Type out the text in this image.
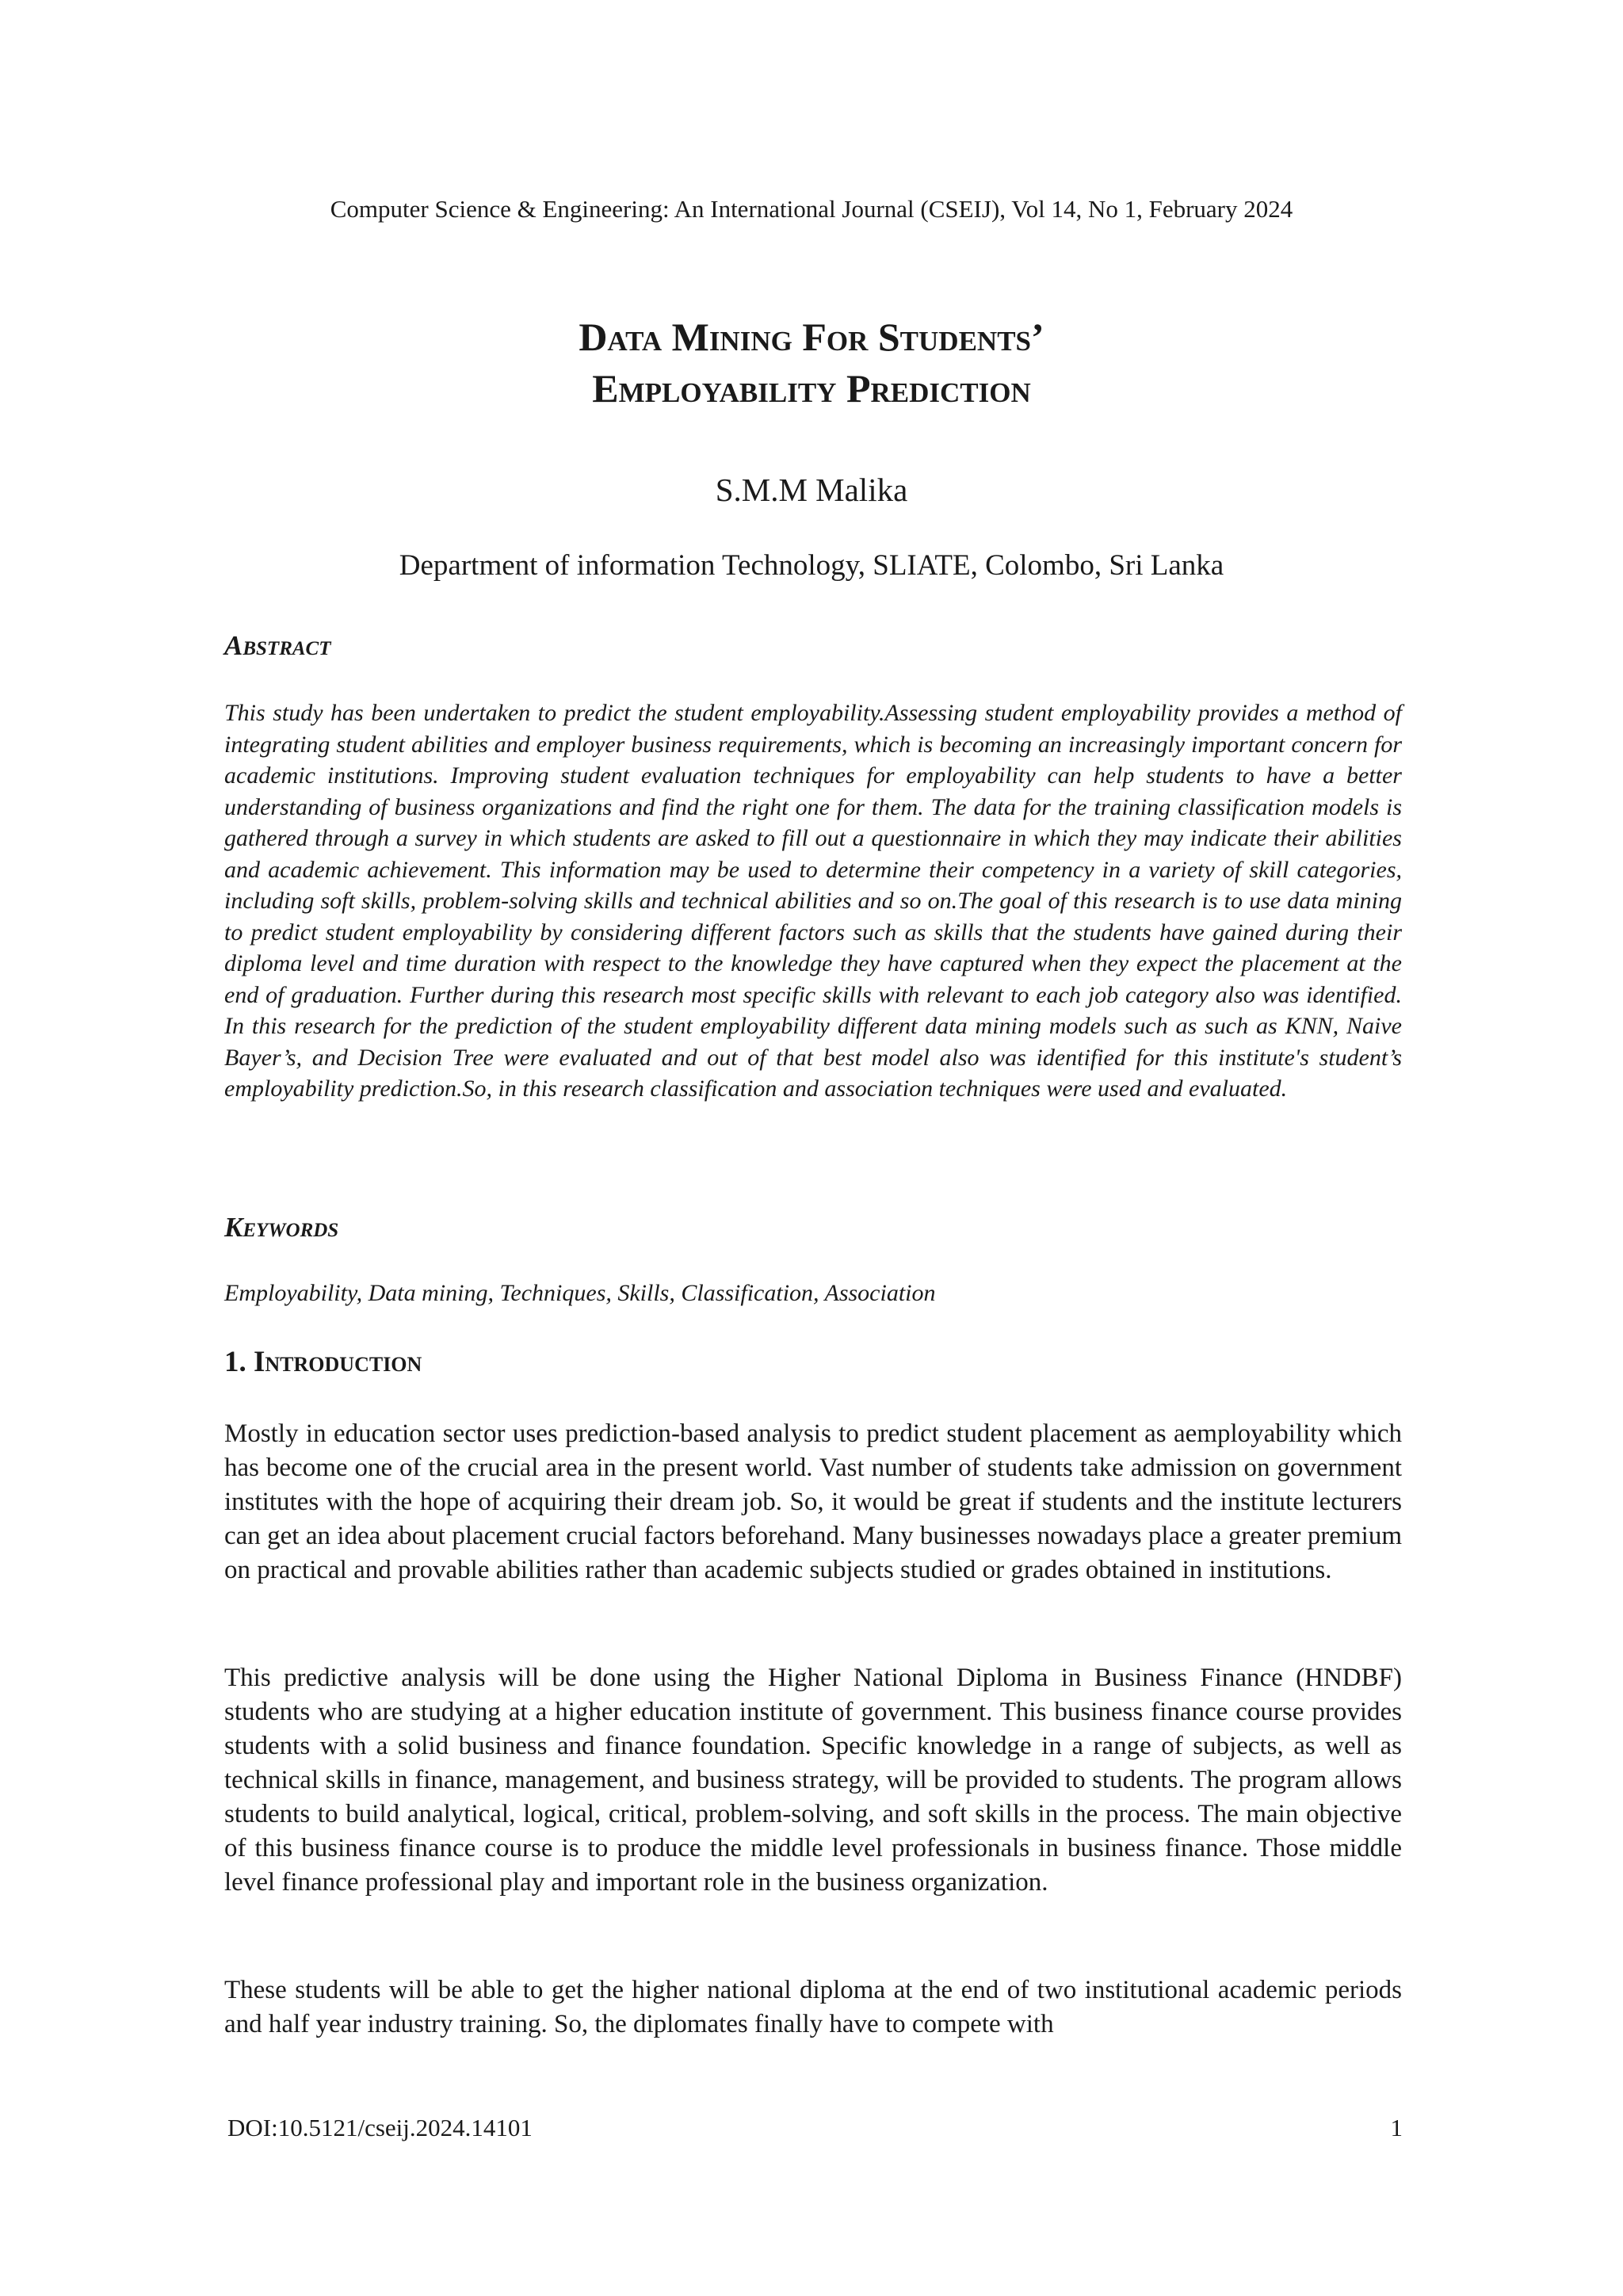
Computer Science & Engineering: An International Journal (CSEIJ), Vol 14, No 1, February 2024
Data Mining For Students’
Employability Prediction
S.M.M Malika
Department of information Technology, SLIATE, Colombo, Sri Lanka
Abstract

This study has been undertaken to predict the student employability.Assessing student employability provides a method of integrating student abilities and employer business requirements, which is becoming an increasingly important concern for academic institutions. Improving student evaluation techniques for employability can help students to have a better understanding of business organizations and find the right one for them. The data for the training classification models is gathered through a survey in which students are asked to fill out a questionnaire in which they may indicate their abilities and academic achievement. This information may be used to determine their competency in a variety of skill categories, including soft skills, problem-solving skills and technical abilities and so on.The goal of this research is to use data mining to predict student employability by considering different factors such as skills that the students have gained during their diploma level and time duration with respect to the knowledge they have captured when they expect the placement at the end of graduation. Further during this research most specific skills with relevant to each job category also was identified. In this research for the prediction of the student employability different data mining models such as such as KNN, Naive Bayer’s, and Decision Tree were evaluated and out of that best model also was identified for this institute's student’s employability prediction.So, in this research classification and association techniques were used and evaluated.

Keywords

Employability, Data mining, Techniques, Skills, Classification, Association

1. Introduction

Mostly in education sector uses prediction-based analysis to predict student placement as aemployability which has become one of the crucial area in the present world. Vast number of students take admission on government institutes with the hope of acquiring their dream job. So, it would be great if students and the institute lecturers can get an idea about placement crucial factors beforehand. Many businesses nowadays place a greater premium on practical and provable abilities rather than academic subjects studied or grades obtained in institutions.

This predictive analysis will be done using the Higher National Diploma in Business Finance (HNDBF) students who are studying at a higher education institute of government. This business finance course provides students with a solid business and finance foundation. Specific knowledge in a range of subjects, as well as technical skills in finance, management, and business strategy, will be provided to students. The program allows students to build analytical, logical, critical, problem-solving, and soft skills in the process. The main objective of this business finance course is to produce the middle level professionals in business finance. Those middle level finance professional play and important role in the business organization.

These students will be able to get the higher national diploma at the end of two institutional academic periods and half year industry training. So, the diplomates finally have to compete with

DOI:10.5121/cseij.2024.14101	1
